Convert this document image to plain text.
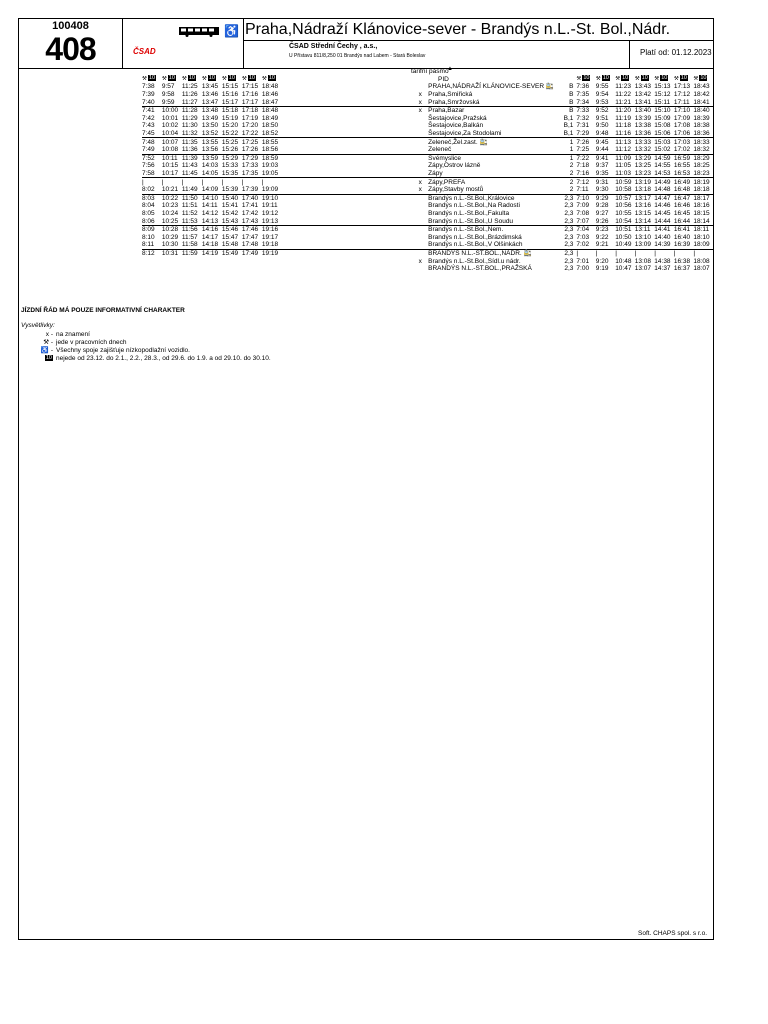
100408
408	♿
ČSAD
Praha,Nádraží Klánovice-sever - Brandýs n.L.-St. Bol.,Nádr.
ČSAD Střední Čechy , a.s.,
U Přístavu 811/8,250 01 Brandýs nad Labem - Stará Boleslav	Platí od: 01.12.2023
tarifní pásmo
▲
PID
⚒ 10	⚒ 10	⚒ 10	⚒ 10	⚒ 10	⚒ 10	⚒ 10					⚒ 10	⚒ 10	⚒ 10	⚒ 10	⚒ 10	⚒ 10	⚒ 10
7:38	9:57	11:25	13:45	15:15	17:15	18:48			PRAHA,NÁDRAŽÍ KLÁNOVICE-SEVER 🚉	B	7:36	9:55	11:23	13:43	15:13	17:13	18:43
7:39	9:58	11:26	13:46	15:16	17:16	18:46		x	Praha,Smiřická	B	7:35	9:54	11:22	13:42	15:12	17:12	18:42
7:40	9:59	11:27	13:47	15:17	17:17	18:47		x	Praha,Smržovská	B	7:34	9:53	11:21	13:41	15:11	17:11	18:41
7:41	10:00	11:28	13:48	15:18	17:18	18:48		x	Praha,Bazar	B	7:33	9:52	11:20	13:40	15:10	17:10	18:40
7:42	10:01	11:29	13:49	15:19	17:19	18:49			Šestajovice,Pražská	B,1	7:32	9:51	11:19	13:39	15:09	17:09	18:39
7:43	10:02	11:30	13:50	15:20	17:20	18:50			Šestajovice,Balkán	B,1	7:31	9:50	11:18	13:38	15:08	17:08	18:38
7:45	10:04	11:32	13:52	15:22	17:22	18:52			Šestajovice,Za Stodolami	B,1	7:29	9:48	11:16	13:36	15:06	17:06	18:36
7:48	10:07	11:35	13:55	15:25	17:25	18:55			Zeleneč,Žel.zast. 🚉	1	7:26	9:45	11:13	13:33	15:03	17:03	18:33
7:49	10:08	11:36	13:56	15:26	17:26	18:56			Zeleneč	1	7:25	9:44	11:12	13:32	15:02	17:02	18:32
7:52	10:11	11:39	13:59	15:29	17:29	18:59			Svémyslice	1	7:22	9:41	11:09	13:29	14:59	16:59	18:29
7:56	10:15	11:43	14:03	15:33	17:33	19:03			Zápy,Ostrov lázně	2	7:18	9:37	11:05	13:25	14:55	16:55	18:25
7:58	10:17	11:45	14:05	15:35	17:35	19:05			Zápy	2	7:16	9:35	11:03	13:23	14:53	16:53	18:23
|	|	|	|	|	|	|		x	Zápy,PREFA	2	7:12	9:31	10:59	13:19	14:49	16:49	18:19
8:02	10:21	11:49	14:09	15:39	17:39	19:09		x	Zápy,Stavby mostů	2	7:11	9:30	10:58	13:18	14:48	16:48	18:18
8:03	10:22	11:50	14:10	15:40	17:40	19:10			Brandýs n.L.-St.Bol.,Královice	2,3	7:10	9:29	10:57	13:17	14:47	16:47	18:17
8:04	10:23	11:51	14:11	15:41	17:41	19:11			Brandýs n.L.-St.Bol.,Na Radosti	2,3	7:09	9:28	10:56	13:16	14:46	16:46	18:16
8:05	10:24	11:52	14:12	15:42	17:42	19:12			Brandýs n.L.-St.Bol.,Fakulta	2,3	7:08	9:27	10:55	13:15	14:45	16:45	18:15
8:06	10:25	11:53	14:13	15:43	17:43	19:13			Brandýs n.L.-St.Bol.,U Soudu	2,3	7:07	9:26	10:54	13:14	14:44	16:44	18:14
8:09	10:28	11:56	14:16	15:46	17:46	19:16			Brandýs n.L.-St.Bol.,Nem.	2,3	7:04	9:23	10:51	13:11	14:41	16:41	18:11
8:10	10:29	11:57	14:17	15:47	17:47	19:17			Brandýs n.L.-St.Bol.,Brázdimská	2,3	7:03	9:22	10:50	13:10	14:40	16:40	18:10
8:11	10:30	11:58	14:18	15:48	17:48	19:18			Brandýs n.L.-St.Bol.,V Olšinkách	2,3	7:02	9:21	10:49	13:09	14:39	16:39	18:09
8:12	10:31	11:59	14:19	15:49	17:49	19:19			BRANDÝS N.L.-ST.BOL.,NÁDR. 🚉	2,3	|	|	|	|	|	|	|
								x	Brandýs n.L.-St.Bol.,Sídl.u nádr.	2,3	7:01	9:20	10:48	13:08	14:38	16:38	18:08
									BRANDÝS N.L.-ST.BOL.,PRAŽSKÁ	2,3	7:00	9:19	10:47	13:07	14:37	16:37	18:07
JÍZDNÍ ŘÁD MÁ POUZE INFORMATIVNÍ CHARAKTER
Vysvětlivky:
x - na znamení
⚒ - jede v pracovních dnech
♿ - Všechny spoje zajišťuje nízkopodlažní vozidlo.
10 nejede od 23.12. do 2.1., 2.2., 28.3., od 29.6. do 1.9. a od 29.10. do 30.10.
Soft. CHAPS spol. s r.o.
